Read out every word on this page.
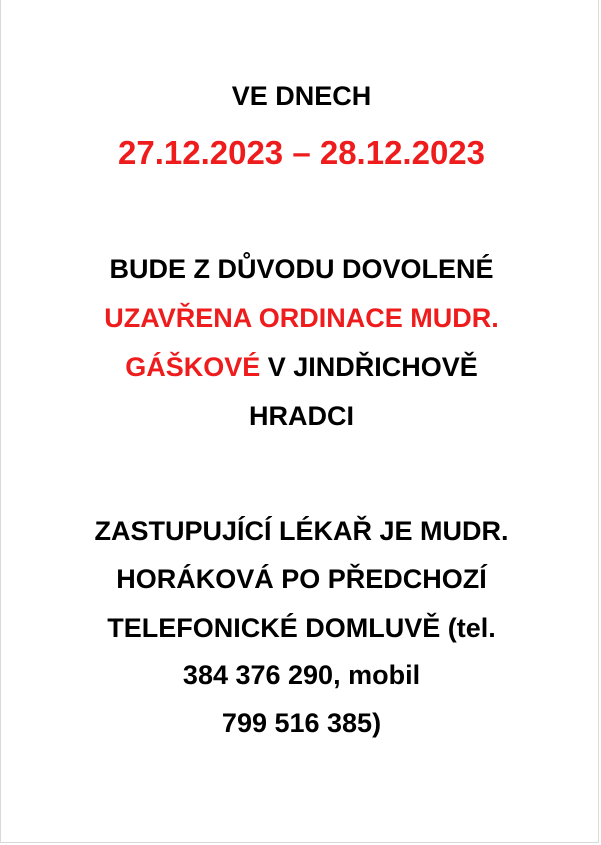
VE DNECH
27.12.2023 – 28.12.2023
BUDE Z DŮVODU DOVOLENÉ
UZAVŘENA ORDINACE MUDR.
GÁŠKOVÉ V JINDŘICHOVĚ
HRADCI
ZASTUPUJÍCÍ LÉKAŘ JE MUDR.
HORÁKOVÁ PO PŘEDCHOZÍ
TELEFONICKÉ DOMLUVĚ (tel.
384 376 290, mobil
799 516 385)
